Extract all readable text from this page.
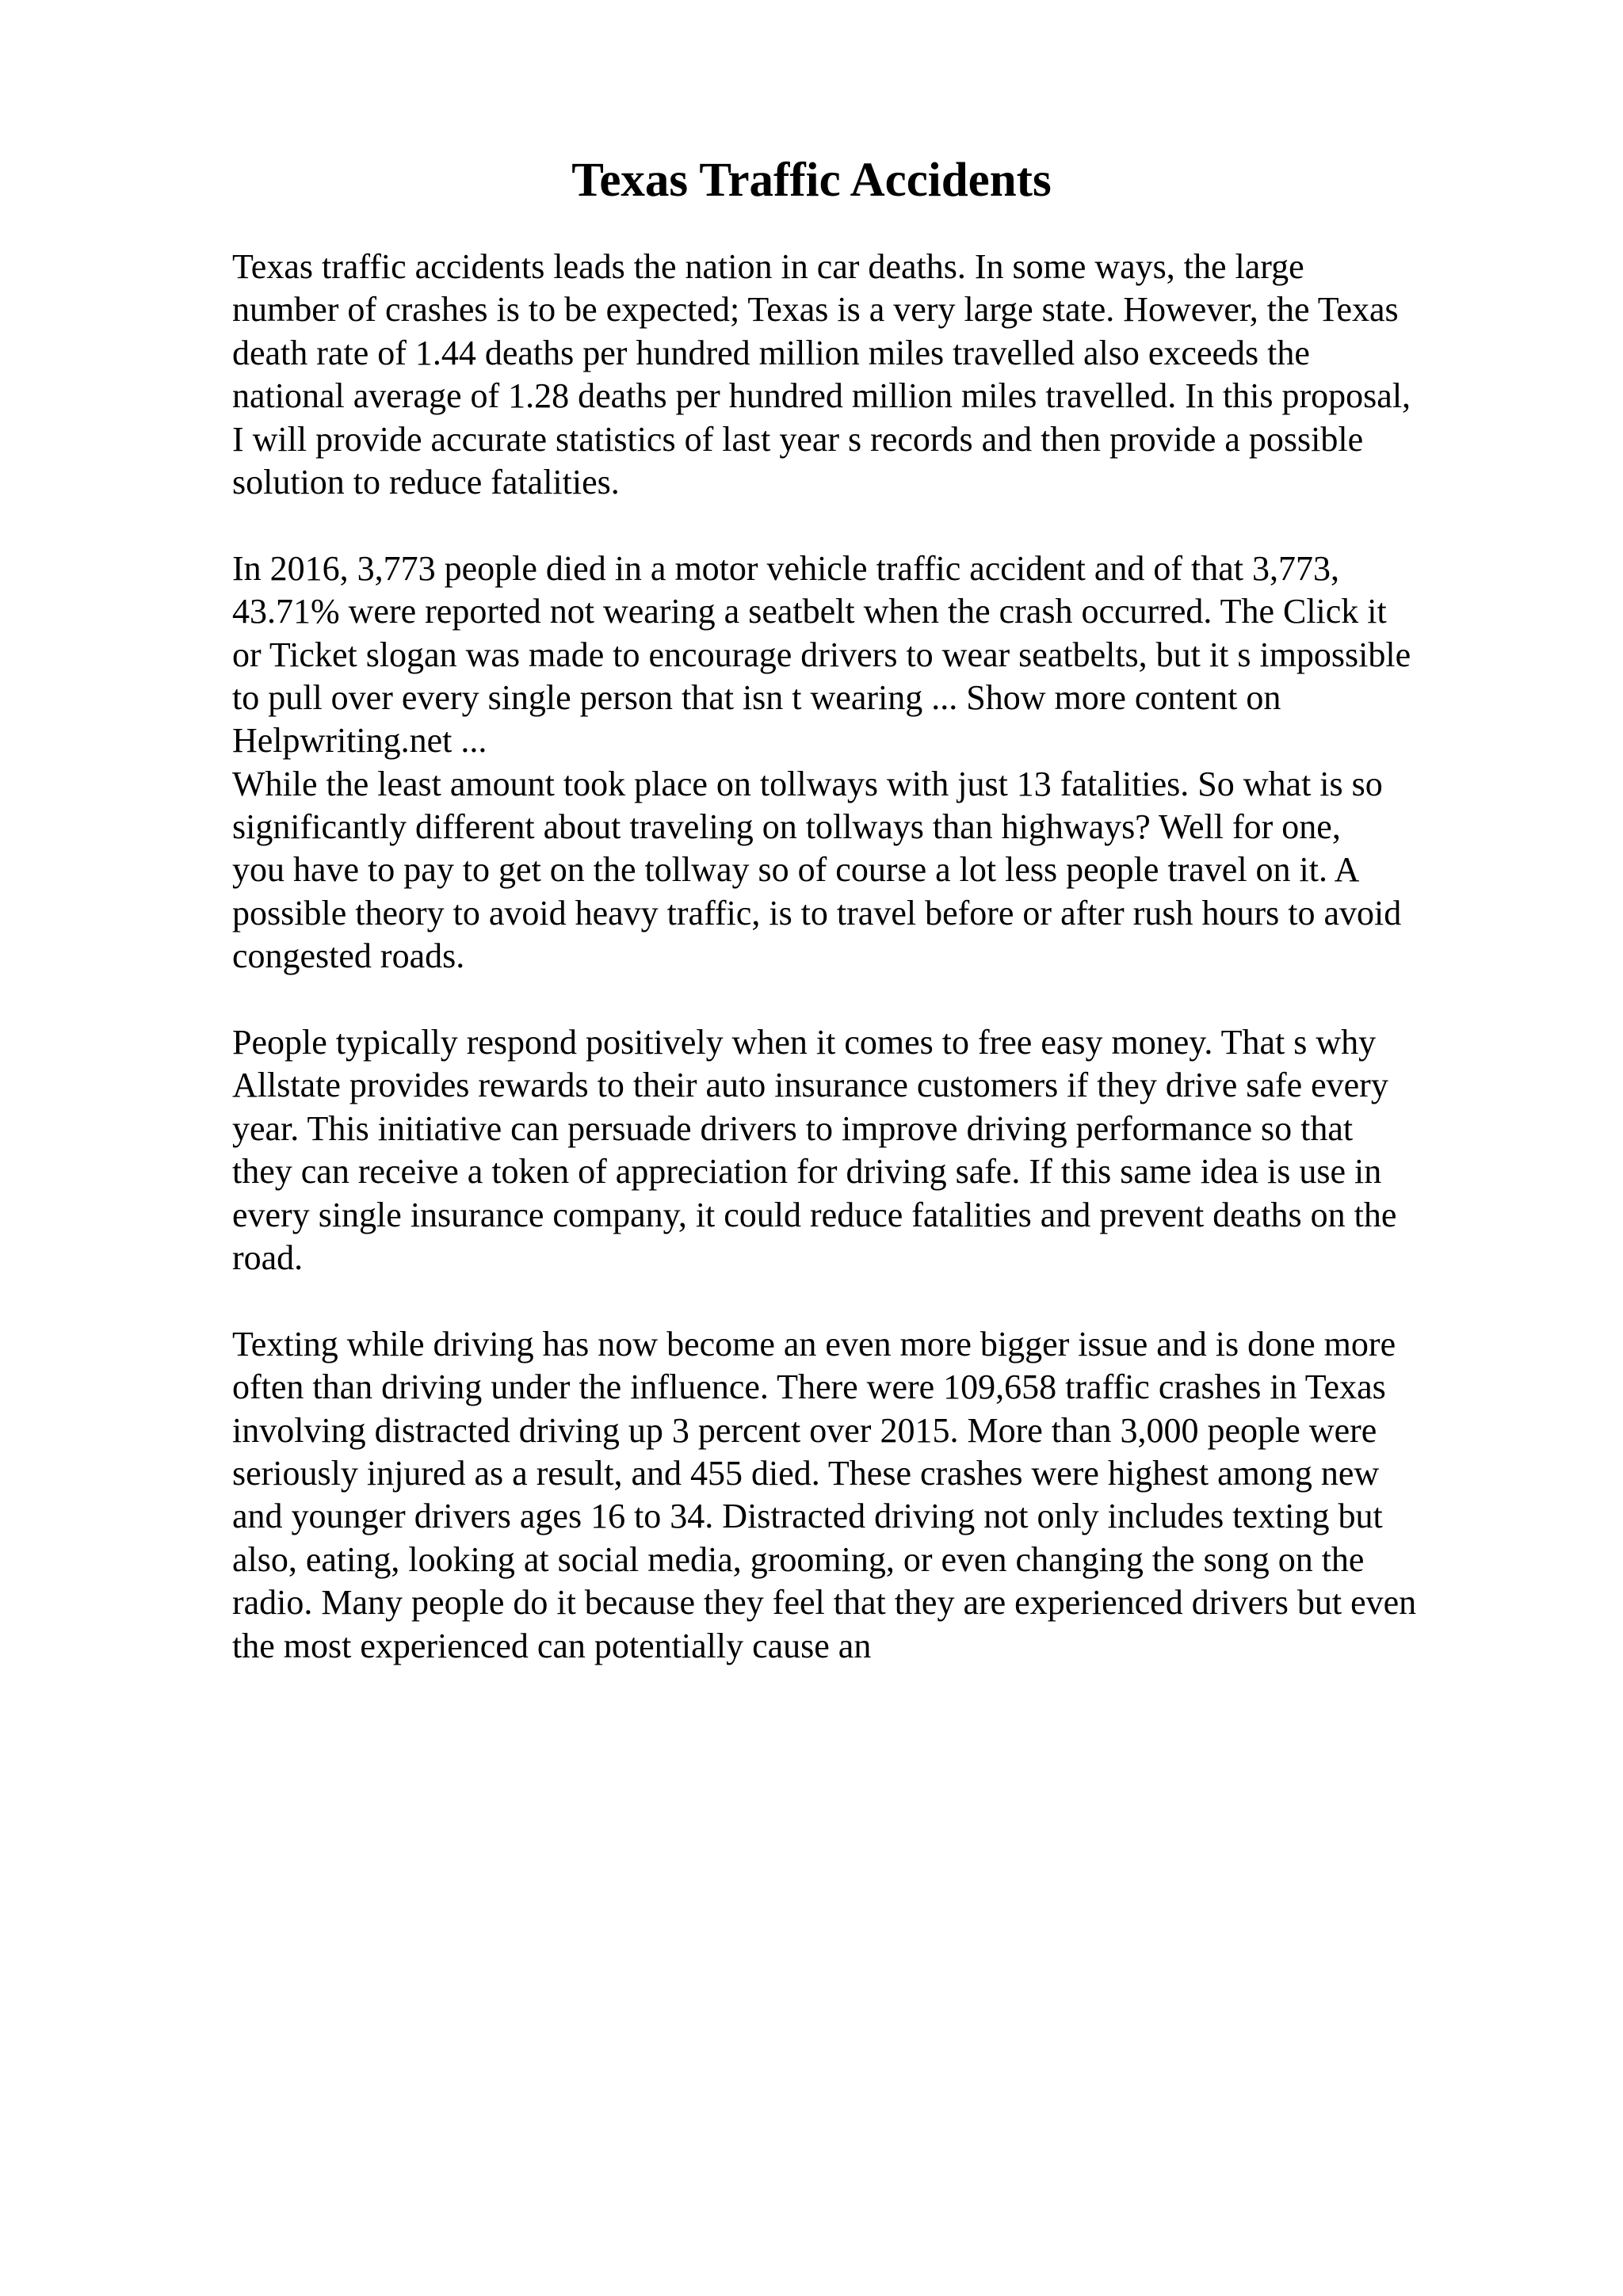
Texas Traffic Accidents

Texas traffic accidents leads the nation in car deaths. In some ways, the large
number of crashes is to be expected; Texas is a very large state. However, the Texas
death rate of 1.44 deaths per hundred million miles travelled also exceeds the
national average of 1.28 deaths per hundred million miles travelled. In this proposal,
I will provide accurate statistics of last year s records and then provide a possible
solution to reduce fatalities.

In 2016, 3,773 people died in a motor vehicle traffic accident and of that 3,773,
43.71% were reported not wearing a seatbelt when the crash occurred. The Click it
or Ticket slogan was made to encourage drivers to wear seatbelts, but it s impossible
to pull over every single person that isn t wearing ... Show more content on
Helpwriting.net ...

While the least amount took place on tollways with just 13 fatalities. So what is so
significantly different about traveling on tollways than highways? Well for one,
you have to pay to get on the tollway so of course a lot less people travel on it. A
possible theory to avoid heavy traffic, is to travel before or after rush hours to avoid
congested roads.

People typically respond positively when it comes to free easy money. That s why
Allstate provides rewards to their auto insurance customers if they drive safe every
year. This initiative can persuade drivers to improve driving performance so that
they can receive a token of appreciation for driving safe. If this same idea is use in
every single insurance company, it could reduce fatalities and prevent deaths on the
road.

Texting while driving has now become an even more bigger issue and is done more
often than driving under the influence. There were 109,658 traffic crashes in Texas
involving distracted driving up 3 percent over 2015. More than 3,000 people were
seriously injured as a result, and 455 died. These crashes were highest among new
and younger drivers ages 16 to 34. Distracted driving not only includes texting but
also, eating, looking at social media, grooming, or even changing the song on the
radio. Many people do it because they feel that they are experienced drivers but even
the most experienced can potentially cause an
